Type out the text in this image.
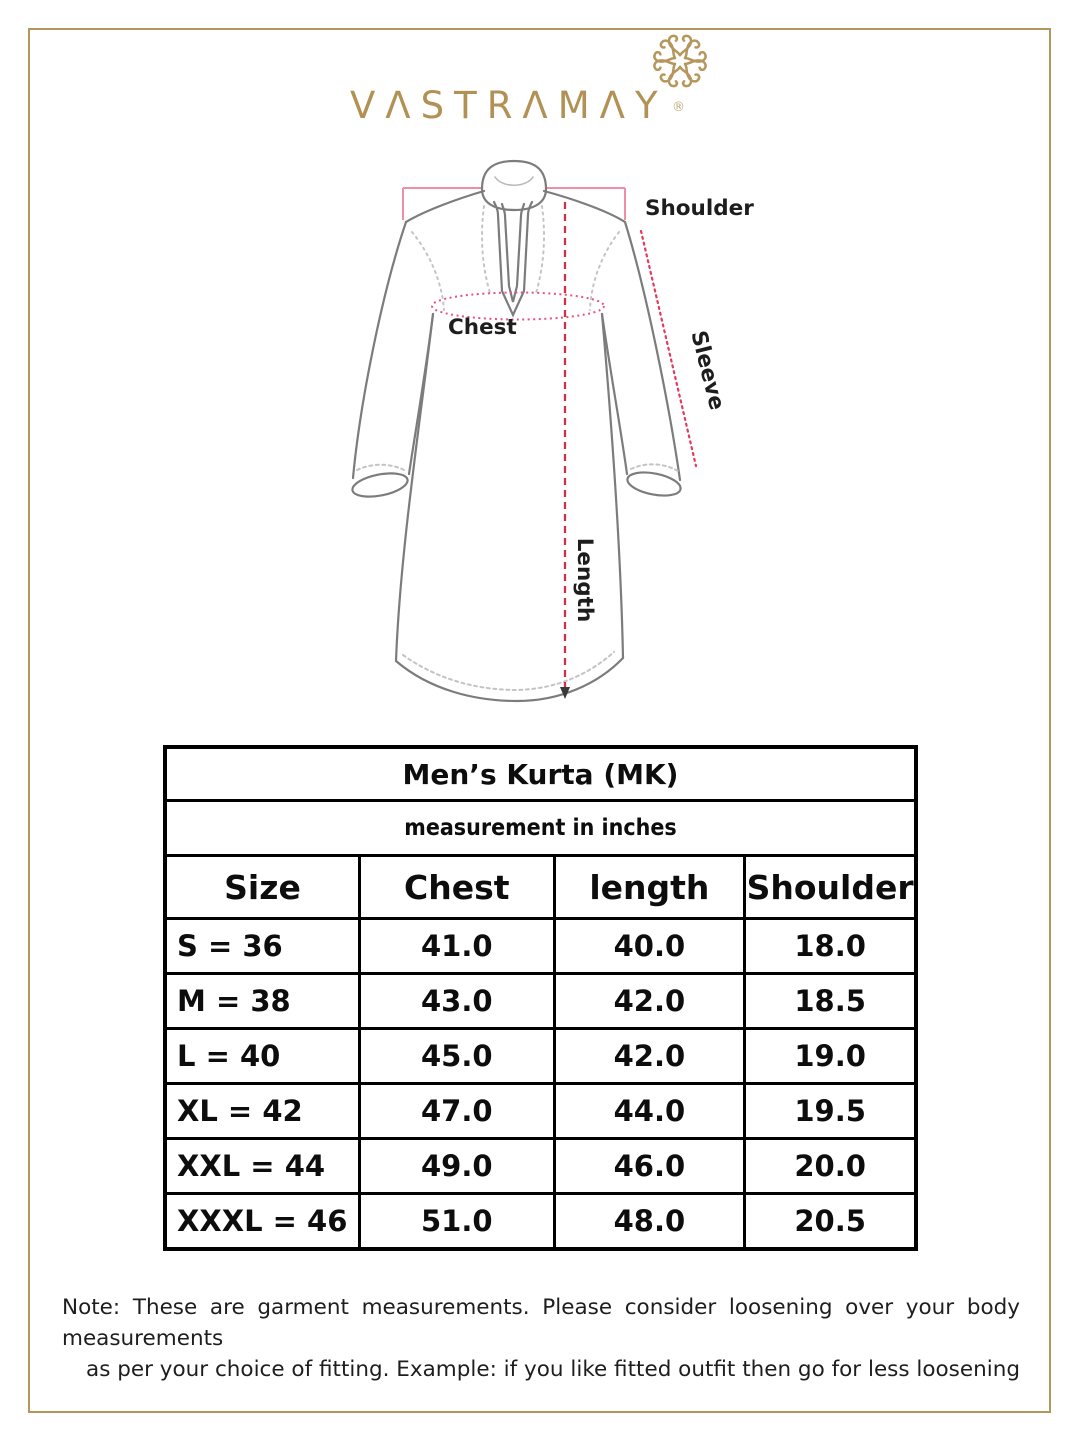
VΛSTRΛMΛY ®
Shoulder
Chest
Length
Sleeve
Men’s Kurta (MK)			
measurement in inches			
Size	Chest	length	Shoulder
S = 36	41.0	40.0	18.0
M = 38	43.0	42.0	18.5
L = 40	45.0	42.0	19.0
XL = 42	47.0	44.0	19.5
XXL = 44	49.0	46.0	20.0
XXXL = 46	51.0	48.0	20.5
Note: These are garment measurements. Please consider loosening over your body measurements
as per your choice of fitting. Example: if you like fitted outfit then go for less loosening
